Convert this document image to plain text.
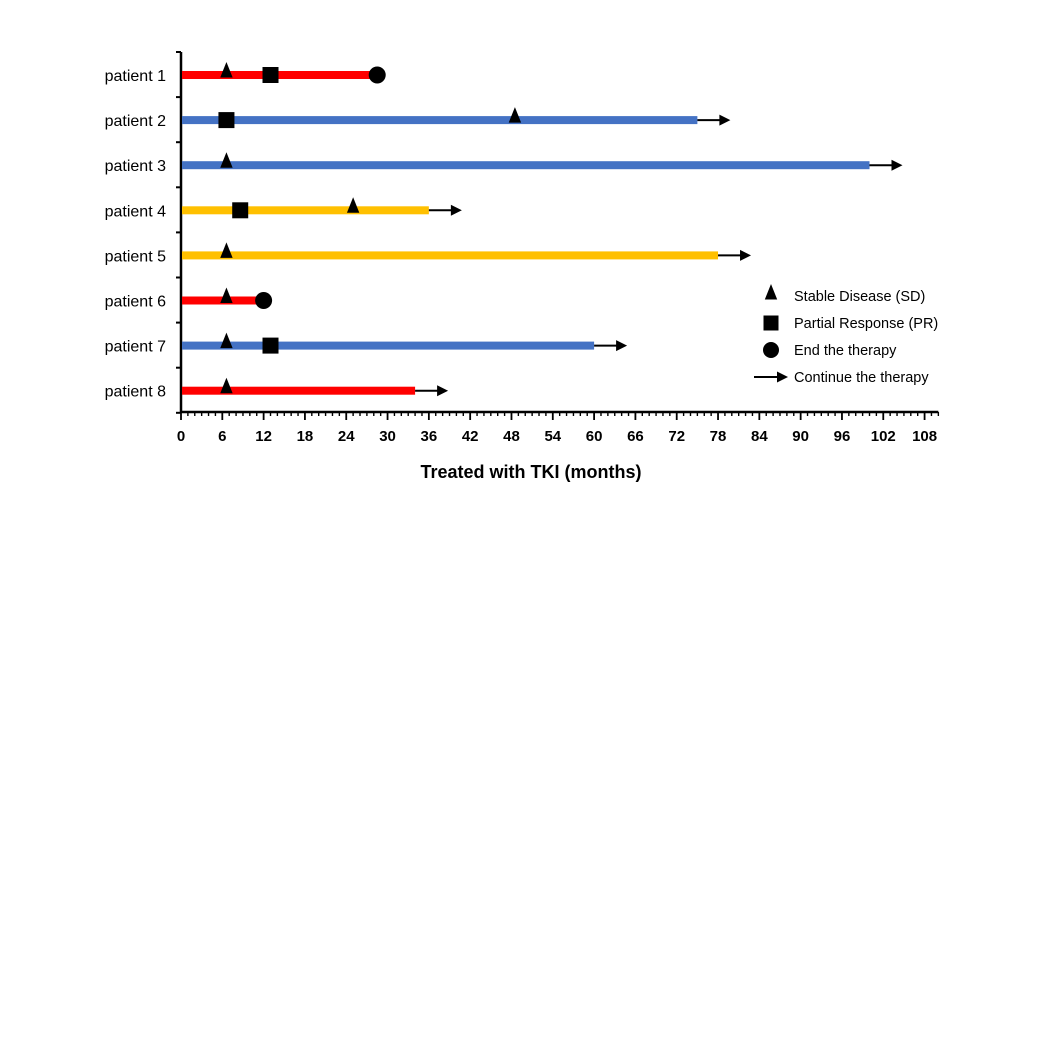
0 6 12 18 24 30 36 42 48 54 60 66 72 78 84 90 96 102 108
patient 1
patient 2
patient 3
patient 4
patient 5
patient 6
patient 7
patient 8
Treated with TKI (months)
Stable Disease (SD)
Partial Response (PR)
End the therapy
Continue the therapy
